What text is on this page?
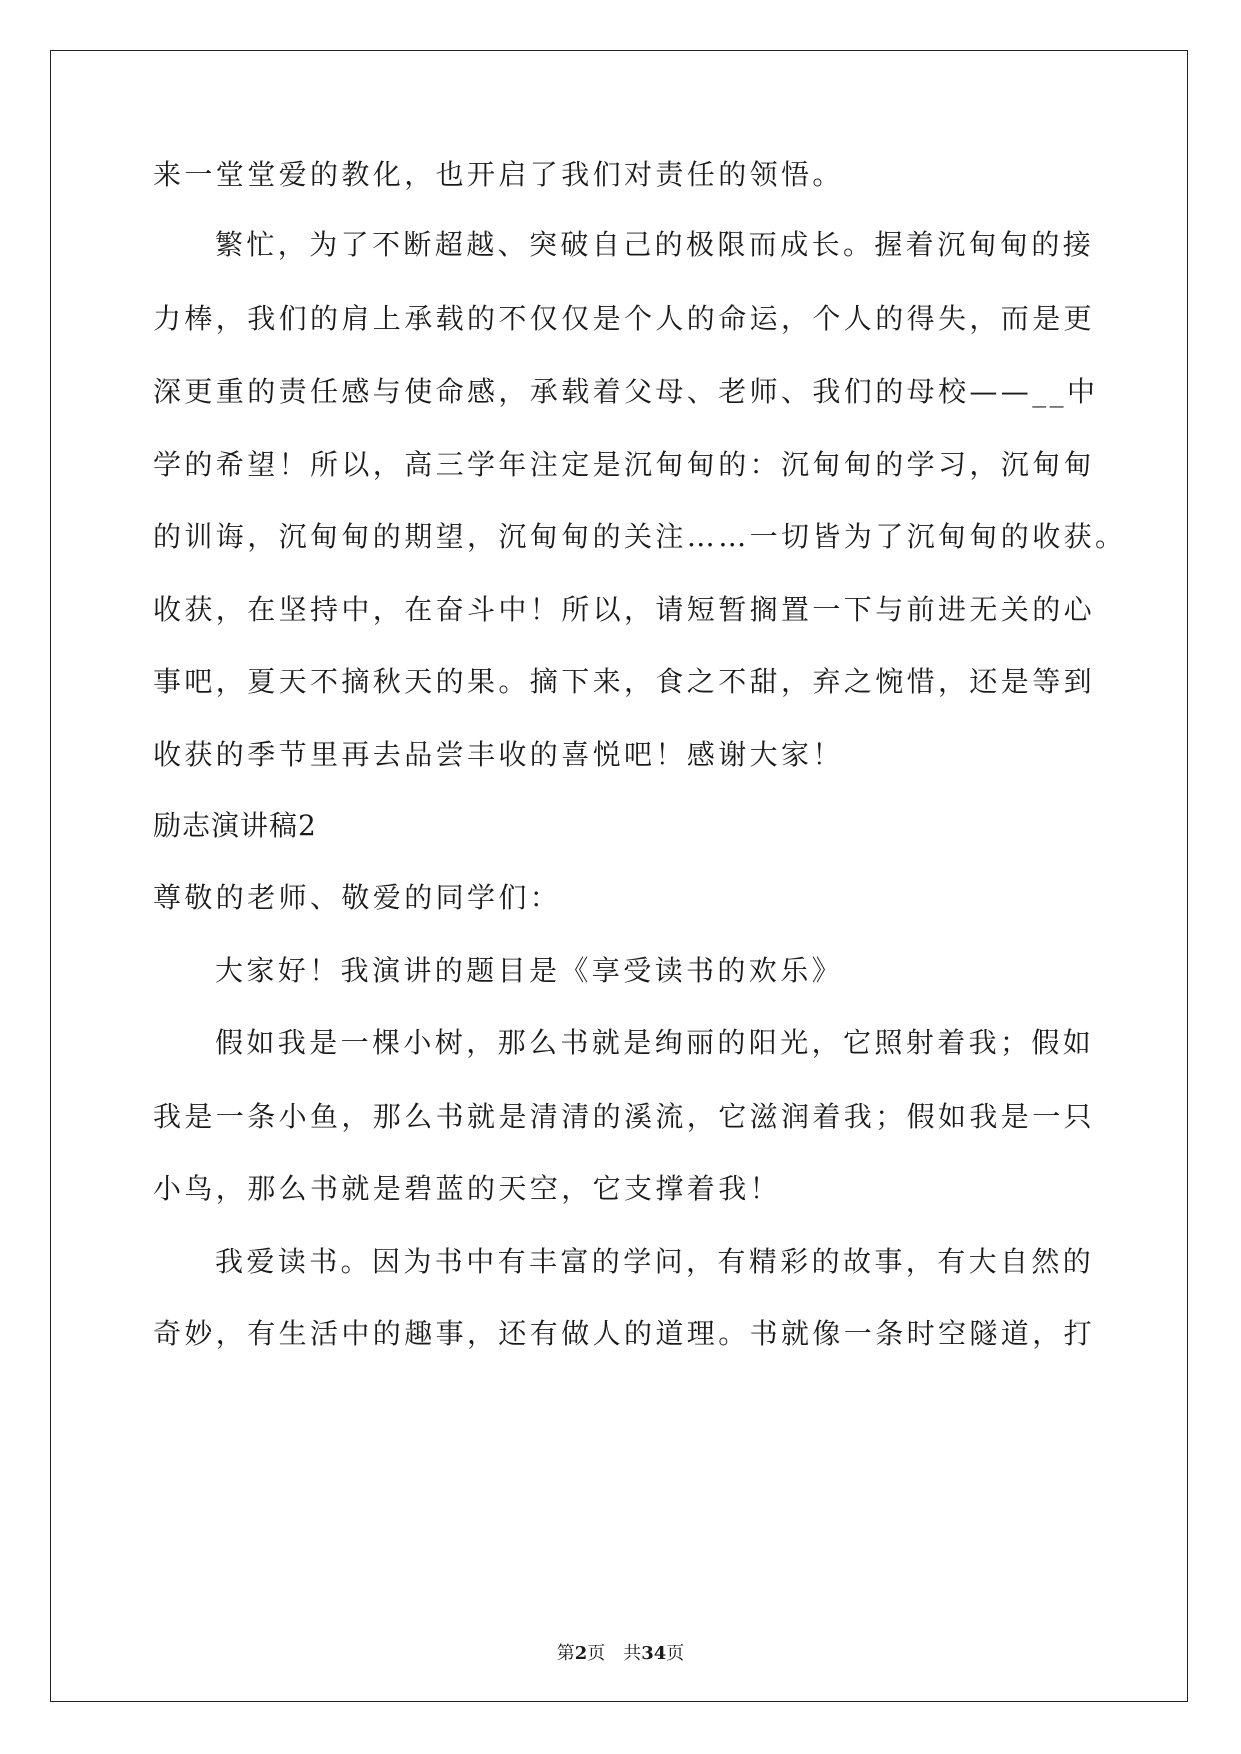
来一堂堂爱的教化，也开启了我们对责任的领悟。
繁忙，为了不断超越、突破自己的极限而成长。握着沉甸甸的接
力棒，我们的肩上承载的不仅仅是个人的命运，个人的得失，而是更
深更重的责任感与使命感，承载着父母、老师、我们的母校——__中
学的希望！所以，高三学年注定是沉甸甸的：沉甸甸的学习，沉甸甸
的训诲，沉甸甸的期望，沉甸甸的关注……一切皆为了沉甸甸的收获。
收获，在坚持中，在奋斗中！所以，请短暂搁置一下与前进无关的心
事吧，夏天不摘秋天的果。摘下来，食之不甜，弃之惋惜，还是等到
收获的季节里再去品尝丰收的喜悦吧！感谢大家！
励志演讲稿2
尊敬的老师、敬爱的同学们：
大家好！我演讲的题目是《享受读书的欢乐》
假如我是一棵小树，那么书就是绚丽的阳光，它照射着我；假如
我是一条小鱼，那么书就是清清的溪流，它滋润着我；假如我是一只
小鸟，那么书就是碧蓝的天空，它支撑着我！
我爱读书。因为书中有丰富的学问，有精彩的故事，有大自然的
奇妙，有生活中的趣事，还有做人的道理。书就像一条时空隧道，打
第2页 共34页
